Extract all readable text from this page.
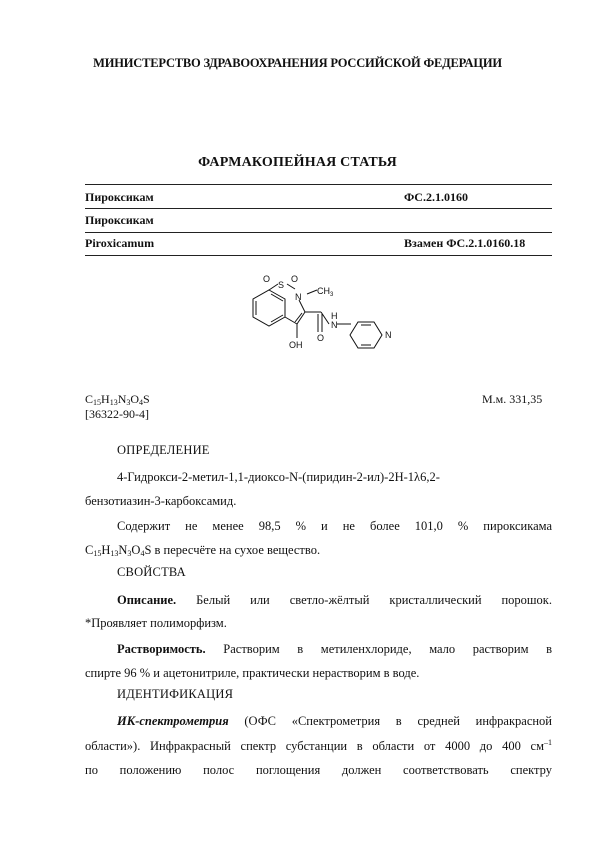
МИНИСТЕРСТВО ЗДРАВООХРАНЕНИЯ РОССИЙСКОЙ ФЕДЕРАЦИИ
ФАРМАКОПЕЙНАЯ СТАТЬЯ
Пироксикам	ФС.2.1.0160
Пироксикам
Piroxicamum	Взамен ФС.2.1.0160.18
S
O O
N
$CH_3$
H
N
O
OH
N
$C_{15}H_{13}N_3O_4S$	М.м. 331,35
[36322-90-4]
ОПРЕДЕЛЕНИЕ
4-Гидрокси-2-метил-1,1-диоксо-N-(пиридин-2-ил)-2Н-1λ6,2-
бензотиазин-3-карбоксамид.
Содержит не менее 98,5 % и не более 101,0 % пироксикама
$C_{15}H_{13}N_3O_4S$ в пересчёте на сухое вещество.
СВОЙСТВА
Описание. Белый или светло-жёлтый кристаллический порошок.
*Проявляет полиморфизм.
Растворимость. Растворим в метиленхлориде, мало растворим в
спирте 96 % и ацетонитриле, практически нерастворим в воде.
ИДЕНТИФИКАЦИЯ
ИК-спектрометрия (ОФС «Спектрометрия в средней инфракрасной
области»). Инфракрасный спектр субстанции в области от 4000 до 400 $см^{-1}$
по положению полос поглощения должен соответствовать спектру
